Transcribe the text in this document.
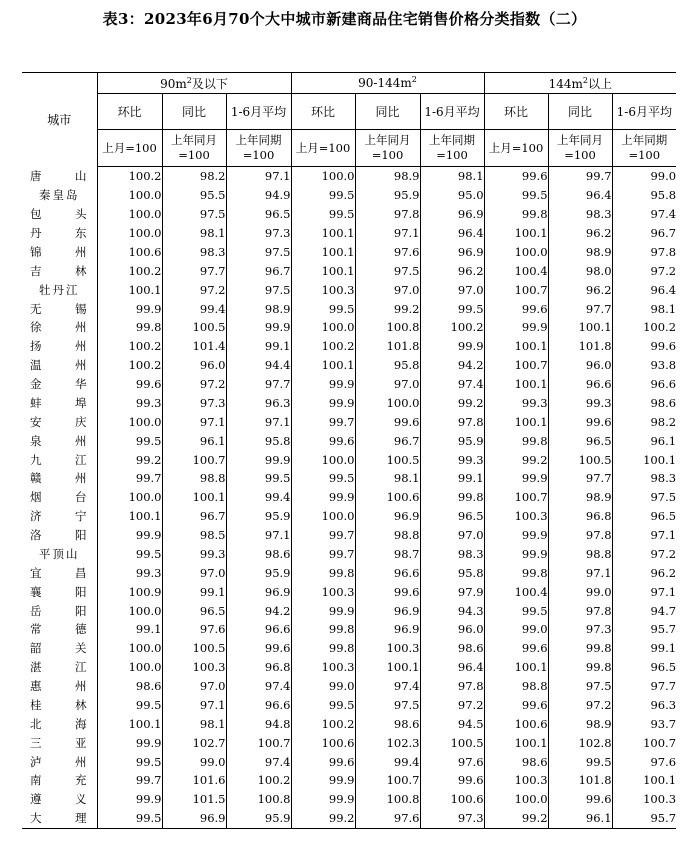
表3：2023年6月70个大中城市新建商品住宅销售价格分类指数（二）
城市	$90m^2$及以下			$90-144m^2$			$144m^2$以上		
	环比	同比	1-6月平均	环比	同比	1-6月平均	环比	同比	1-6月平均
	上月=100	上年同月=100	上年同期=100	上月=100	上年同月=100	上年同期=100	上月=100	上年同月=100	上年同期=100

唐 山	100.2	98.2	97.1	100.0	98.9	98.1	99.6	99.7	99.0

秦皇岛	100.0	95.5	94.9	99.5	95.9	95.0	99.5	96.4	95.8

包 头	100.0	97.5	96.5	99.5	97.8	96.9	99.8	98.3	97.4

丹 东	100.0	98.1	97.3	100.1	97.1	96.4	100.1	96.2	96.7

锦 州	100.6	98.3	97.5	100.1	97.6	96.9	100.0	98.9	97.8

吉 林	100.2	97.7	96.7	100.1	97.5	96.2	100.4	98.0	97.2

牡丹江	100.1	97.2	97.5	100.3	97.0	97.0	100.7	96.2	96.4

无 锡	99.9	99.4	98.9	99.5	99.2	99.5	99.6	97.7	98.1

徐 州	99.8	100.5	99.9	100.0	100.8	100.2	99.9	100.1	100.2

扬 州	100.2	101.4	99.1	100.2	101.8	99.9	100.1	101.8	99.6

温 州	100.2	96.0	94.4	100.1	95.8	94.2	100.7	96.0	93.8

金 华	99.6	97.2	97.7	99.9	97.0	97.4	100.1	96.6	96.6

蚌 埠	99.3	97.3	96.3	99.9	100.0	99.2	99.3	99.3	98.6

安 庆	100.0	97.1	97.1	99.7	99.6	97.8	100.1	99.6	98.2

泉 州	99.5	96.1	95.8	99.6	96.7	95.9	99.8	96.5	96.1

九 江	99.2	100.7	99.9	100.0	100.5	99.3	99.2	100.5	100.1

赣 州	99.7	98.8	99.5	99.5	98.1	99.1	99.9	97.7	98.3

烟 台	100.0	100.1	99.4	99.9	100.6	99.8	100.7	98.9	97.5

济 宁	100.1	96.7	95.9	100.0	96.9	96.5	100.3	96.8	96.5

洛 阳	99.9	98.5	97.1	99.7	98.8	97.0	99.9	97.8	97.1

平顶山	99.5	99.3	98.6	99.7	98.7	98.3	99.9	98.8	97.2

宜 昌	99.3	97.0	95.9	99.8	96.6	95.8	99.8	97.1	96.2

襄 阳	100.9	99.1	96.9	100.3	99.6	97.9	100.4	99.0	97.1

岳 阳	100.0	96.5	94.2	99.9	96.9	94.3	99.5	97.8	94.7

常 德	99.1	97.6	96.6	99.8	96.9	96.0	99.0	97.3	95.7

韶 关	100.0	100.5	99.6	99.8	100.3	98.6	99.6	99.8	99.1

湛 江	100.0	100.3	96.8	100.3	100.1	96.4	100.1	99.8	96.5

惠 州	98.6	97.0	97.4	99.0	97.4	97.8	98.8	97.5	97.7

桂 林	99.5	97.1	96.6	99.5	97.5	97.2	99.6	97.2	96.3

北 海	100.1	98.1	94.8	100.2	98.6	94.5	100.6	98.9	93.7

三 亚	99.9	102.7	100.7	100.6	102.3	100.5	100.1	102.8	100.7

泸 州	99.5	99.0	97.4	99.6	99.4	97.6	98.6	99.5	97.6

南 充	99.7	101.6	100.2	99.9	100.7	99.6	100.3	101.8	100.1

遵 义	99.9	101.5	100.8	99.9	100.8	100.6	100.0	99.6	100.3

大 理	99.5	96.9	95.9	99.2	97.6	97.3	99.2	96.1	95.7
